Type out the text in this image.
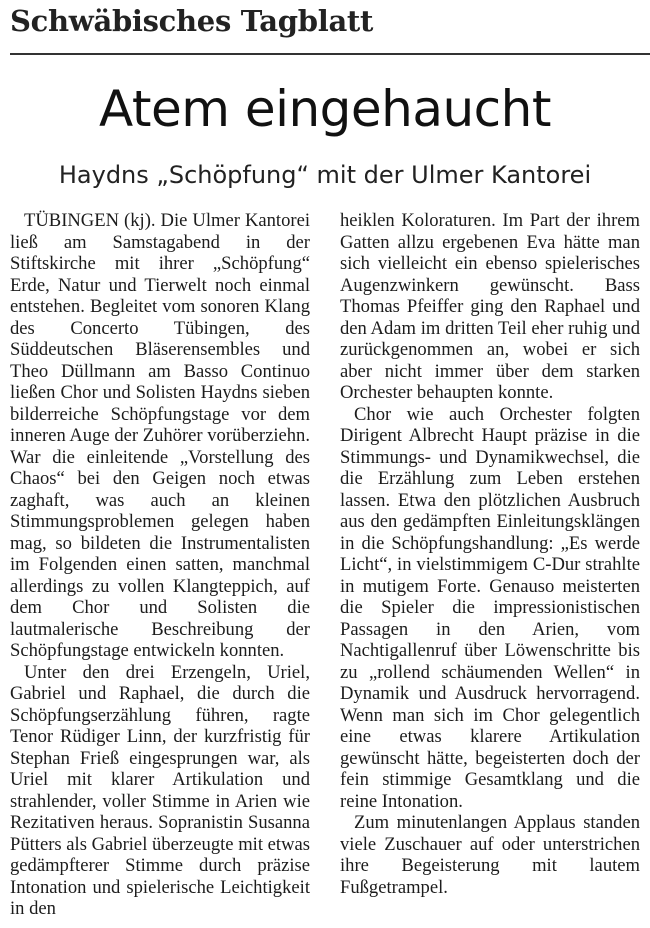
Schwäbisches Tagblatt
Atem eingehaucht
Haydns „Schöpfung“ mit der Ulmer Kantorei

TÜBINGEN (kj). Die Ulmer Kantorei ließ am Samstagabend in der Stiftskirche mit ihrer „Schöpfung“ Erde, Natur und Tierwelt noch einmal entstehen. Begleitet vom sonoren Klang des Concerto Tübingen, des Süddeutschen Bläserensembles und Theo Düllmann am Basso Continuo ließen Chor und Solisten Haydns sieben bilderreiche Schöpfungstage vor dem inneren Auge der Zuhörer vorüberziehn. War die einleitende „Vorstellung des Chaos“ bei den Geigen noch etwas zaghaft, was auch an kleinen Stimmungsproblemen gelegen haben mag, so bildeten die Instrumentalisten im Folgenden einen satten, manchmal allerdings zu vollen Klangteppich, auf dem Chor und Solisten die lautmalerische Beschreibung der Schöpfungstage entwickeln konnten.

Unter den drei Erzengeln, Uriel, Gabriel und Raphael, die durch die Schöpfungserzählung führen, ragte Tenor Rüdiger Linn, der kurzfristig für Stephan Frieß eingesprungen war, als Uriel mit klarer Artikulation und strahlender, voller Stimme in Arien wie Rezitativen heraus. Sopranistin Susanna Pütters als Gabriel überzeugte mit etwas gedämpfterer Stimme durch präzise Intonation und spielerische Leichtigkeit in den

heiklen Koloraturen. Im Part der ihrem Gatten allzu ergebenen Eva hätte man sich vielleicht ein ebenso spielerisches Augenzwinkern gewünscht. Bass Thomas Pfeiffer ging den Raphael und den Adam im dritten Teil eher ruhig und zurückgenommen an, wobei er sich aber nicht immer über dem starken Orchester behaupten konnte.

Chor wie auch Orchester folgten Dirigent Albrecht Haupt präzise in die Stimmungs- und Dynamikwechsel, die die Erzählung zum Leben erstehen lassen. Etwa den plötzlichen Ausbruch aus den gedämpften Einleitungsklängen in die Schöpfungshandlung: „Es werde Licht“, in vielstimmigem C-Dur strahlte in mutigem Forte. Genauso meisterten die Spieler die impressionistischen Passagen in den Arien, vom Nachtigallenruf über Löwenschritte bis zu „rollend schäumenden Wellen“ in Dynamik und Ausdruck hervorragend. Wenn man sich im Chor gelegentlich eine etwas klarere Artikulation gewünscht hätte, begeisterten doch der fein stimmige Gesamtklang und die reine Intonation.

Zum minutenlangen Applaus standen viele Zuschauer auf oder unterstrichen ihre Begeisterung mit lautem Fußgetrampel.
